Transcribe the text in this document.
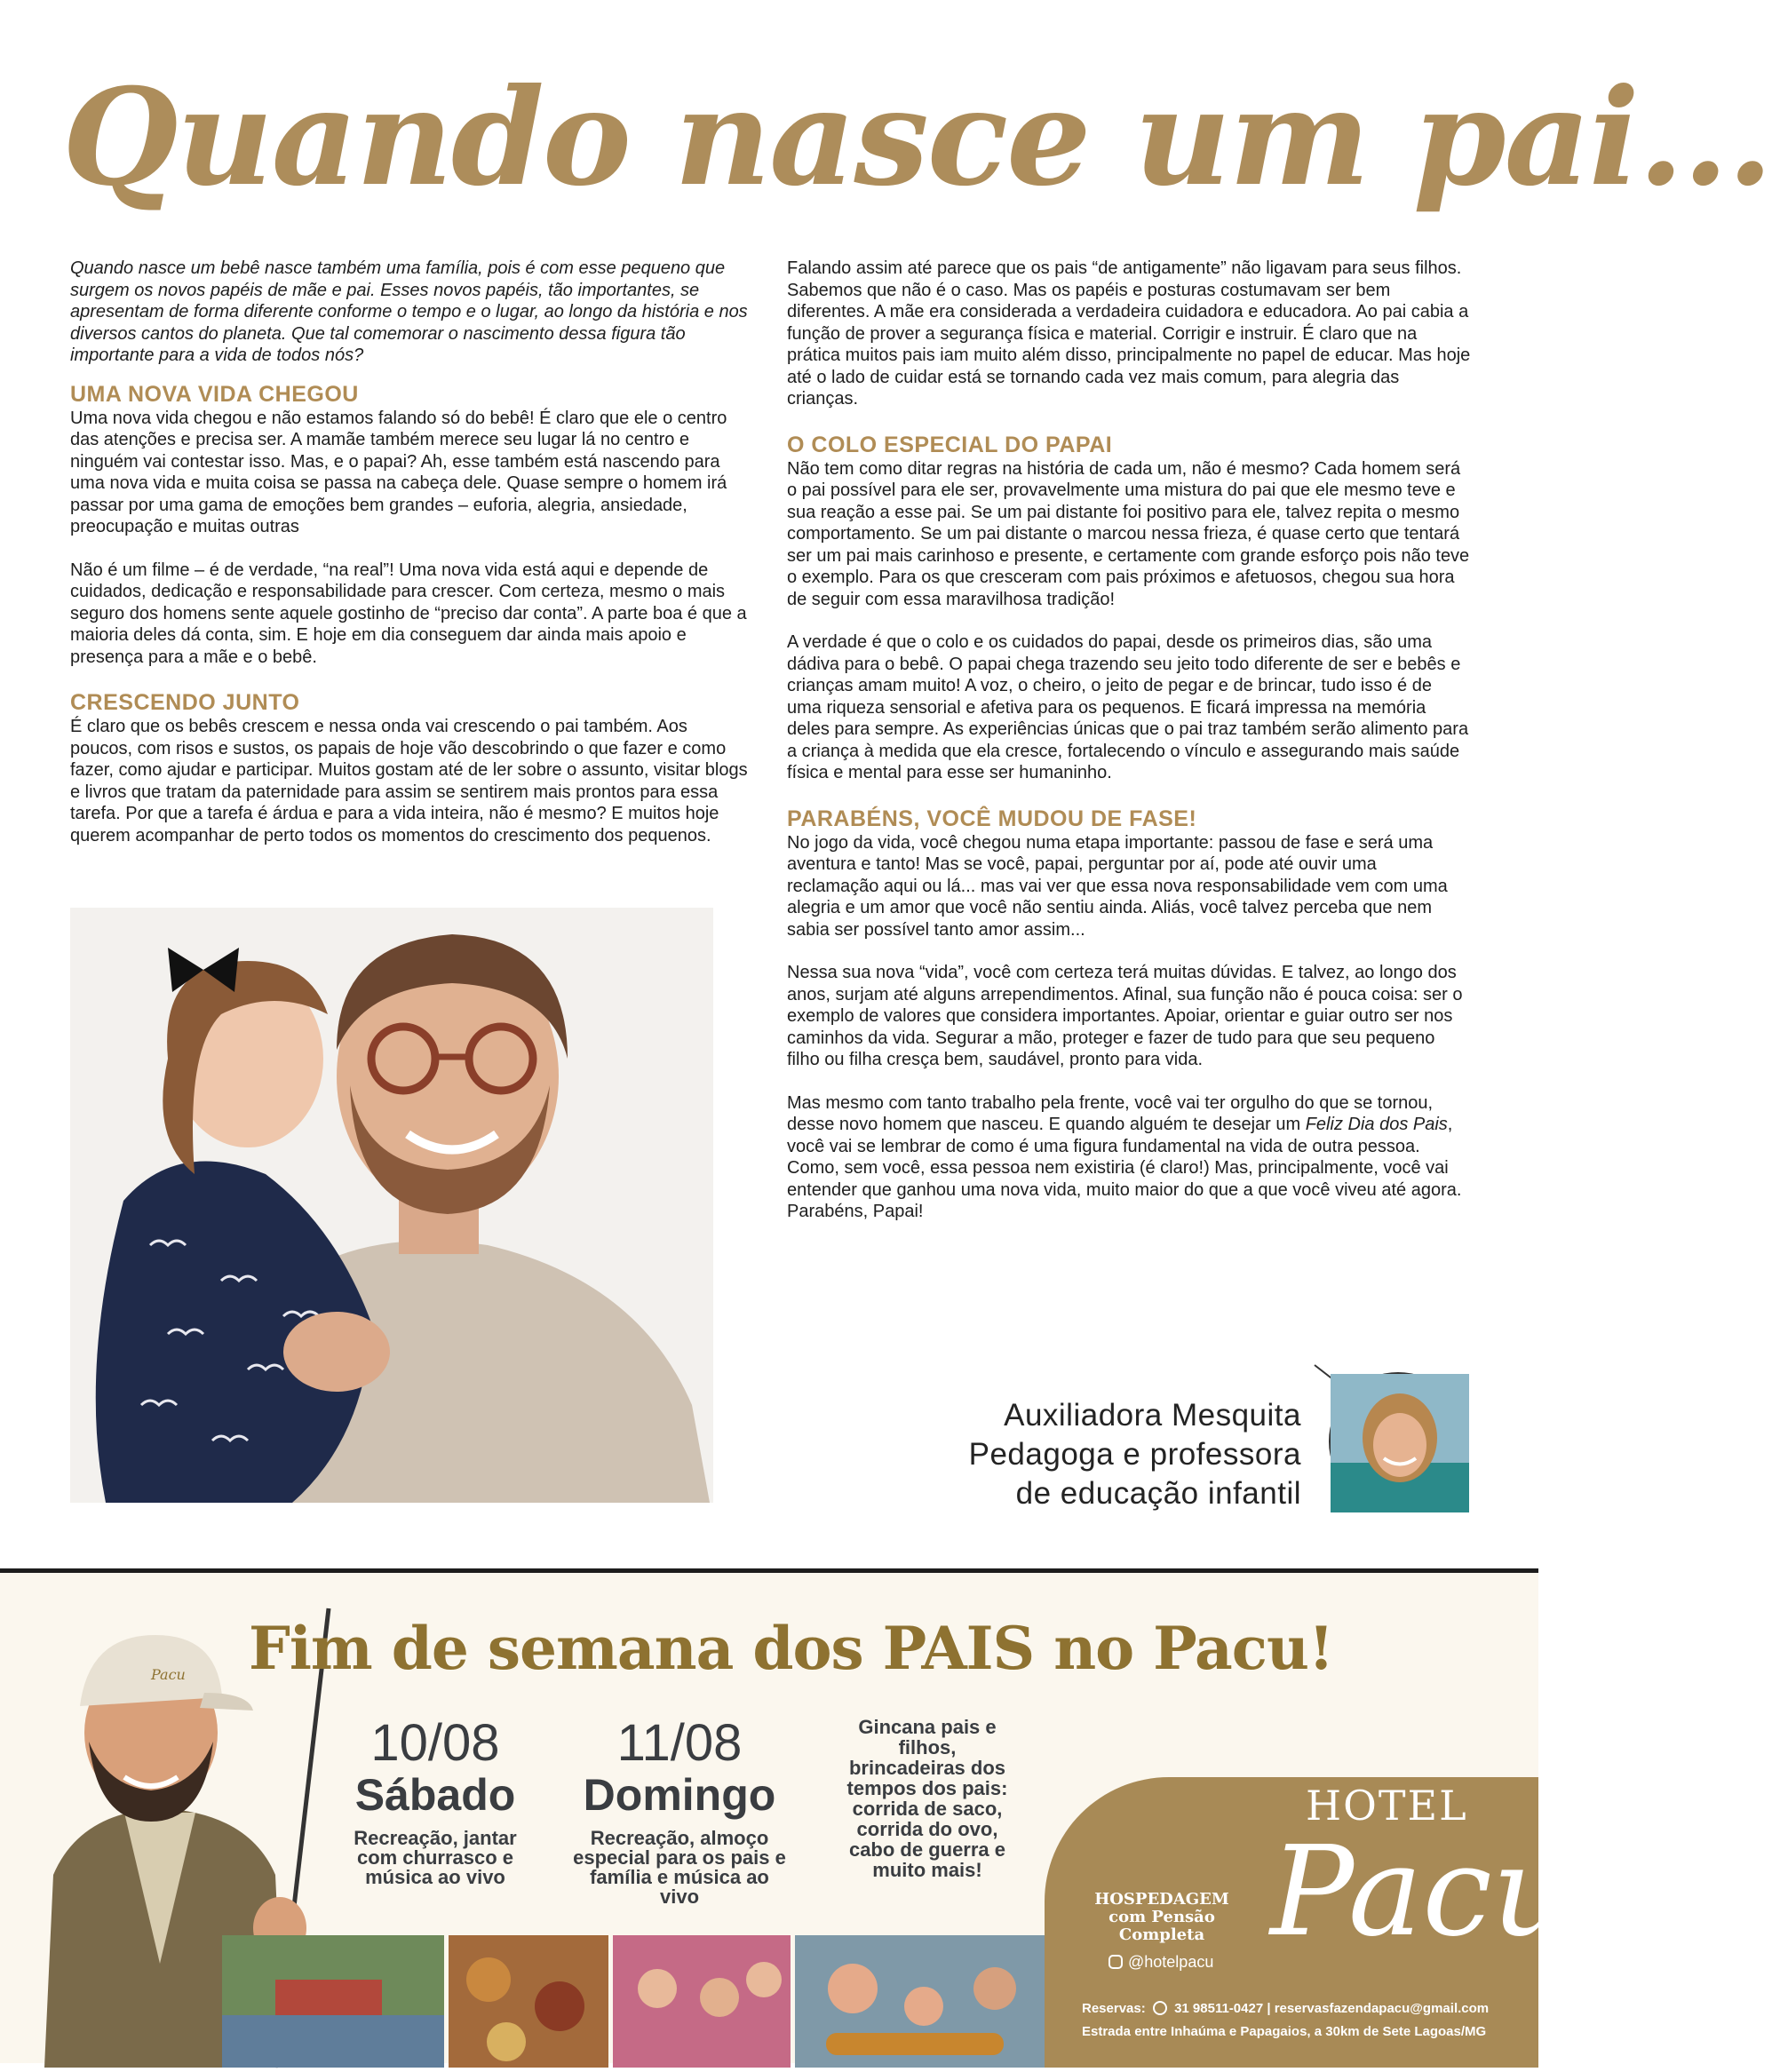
Quando nasce um pai...

Quando nasce um bebê nasce também uma família, pois é com esse pequeno que surgem os novos papéis de mãe e pai. Esses novos papéis, tão importantes, se apresentam de forma diferente conforme o tempo e o lugar, ao longo da história e nos diversos cantos do planeta. Que tal comemorar o nascimento dessa figura tão importante para a vida de todos nós?

UMA NOVA VIDA CHEGOU

Uma nova vida chegou e não estamos falando só do bebê! É claro que ele o centro das atenções e precisa ser. A mamãe também merece seu lugar lá no centro e ninguém vai contestar isso. Mas, e o papai? Ah, esse também está nascendo para uma nova vida e muita coisa se passa na cabeça dele. Quase sempre o homem irá passar por uma gama de emoções bem grandes – euforia, alegria, ansiedade, preocupação e muitas outras

Não é um filme – é de verdade, “na real”! Uma nova vida está aqui e depende de cuidados, dedicação e responsabilidade para crescer. Com certeza, mesmo o mais seguro dos homens sente aquele gostinho de “preciso dar conta”. A parte boa é que a maioria deles dá conta, sim. E hoje em dia conseguem dar ainda mais apoio e presença para a mãe e o bebê.

CRESCENDO JUNTO

É claro que os bebês crescem e nessa onda vai crescendo o pai também. Aos poucos, com risos e sustos, os papais de hoje vão descobrindo o que fazer e como fazer, como ajudar e participar. Muitos gostam até de ler sobre o assunto, visitar blogs e livros que tratam da paternidade para assim se sentirem mais prontos para essa tarefa. Por que a tarefa é árdua e para a vida inteira, não é mesmo? E muitos hoje querem acompanhar de perto todos os momentos do crescimento dos pequenos.

Falando assim até parece que os pais “de antigamente” não ligavam para seus filhos. Sabemos que não é o caso. Mas os papéis e posturas costumavam ser bem diferentes. A mãe era considerada a verdadeira cuidadora e educadora. Ao pai cabia a função de prover a segurança física e material. Corrigir e instruir. É claro que na prática muitos pais iam muito além disso, principalmente no papel de educar. Mas hoje até o lado de cuidar está se tornando cada vez mais comum, para alegria das crianças.

O COLO ESPECIAL DO PAPAI

Não tem como ditar regras na história de cada um, não é mesmo? Cada homem será o pai possível para ele ser, provavelmente uma mistura do pai que ele mesmo teve e sua reação a esse pai. Se um pai distante foi positivo para ele, talvez repita o mesmo comportamento. Se um pai distante o marcou nessa frieza, é quase certo que tentará ser um pai mais carinhoso e presente, e certamente com grande esforço pois não teve o exemplo. Para os que cresceram com pais próximos e afetuosos, chegou sua hora de seguir com essa maravilhosa tradição!

A verdade é que o colo e os cuidados do papai, desde os primeiros dias, são uma dádiva para o bebê. O papai chega trazendo seu jeito todo diferente de ser e bebês e crianças amam muito! A voz, o cheiro, o jeito de pegar e de brincar, tudo isso é de uma riqueza sensorial e afetiva para os pequenos. E ficará impressa na memória deles para sempre. As experiências únicas que o pai traz também serão alimento para a criança à medida que ela cresce, fortalecendo o vínculo e assegurando mais saúde física e mental para esse ser humaninho.

PARABÉNS, VOCÊ MUDOU DE FASE!

No jogo da vida, você chegou numa etapa importante: passou de fase e será uma aventura e tanto! Mas se você, papai, perguntar por aí, pode até ouvir uma reclamação aqui ou lá... mas vai ver que essa nova responsabilidade vem com uma alegria e um amor que você não sentiu ainda. Aliás, você talvez perceba que nem sabia ser possível tanto amor assim...

Nessa sua nova “vida”, você com certeza terá muitas dúvidas. E talvez, ao longo dos anos, surjam até alguns arrependimentos. Afinal, sua função não é pouca coisa: ser o exemplo de valores que considera importantes. Apoiar, orientar e guiar outro ser nos caminhos da vida. Segurar a mão, proteger e fazer de tudo para que seu pequeno filho ou filha cresça bem, saudável, pronto para vida.

Mas mesmo com tanto trabalho pela frente, você vai ter orgulho do que se tornou, desse novo homem que nasceu. E quando alguém te desejar um Feliz Dia dos Pais, você vai se lembrar de como é uma figura fundamental na vida de outra pessoa. Como, sem você, essa pessoa nem existiria (é claro!) Mas, principalmente, você vai entender que ganhou uma nova vida, muito maior do que a que você viveu até agora. Parabéns, Papai!

Auxiliadora Mesquita
Pedagoga e professora
de educação infantil
Pacu Fim de semana dos PAIS no Pacu!
10/08
Sábado
Recreação, jantar com churrasco e música ao vivo
11/08
Domingo
Recreação, almoço especial para os pais e família e música ao vivo
Gincana pais e filhos, brincadeiras dos tempos dos pais: corrida de saco, corrida do ovo, cabo de guerra e muito mais!
HOTEL
Pacu
HOSPEDAGEM com Pensão Completa
@hotelpacu
Reservas: 31 98511-0427 | reservasfazendapacu@gmail.com
Estrada entre Inhaúma e Papagaios, a 30km de Sete Lagoas/MG
